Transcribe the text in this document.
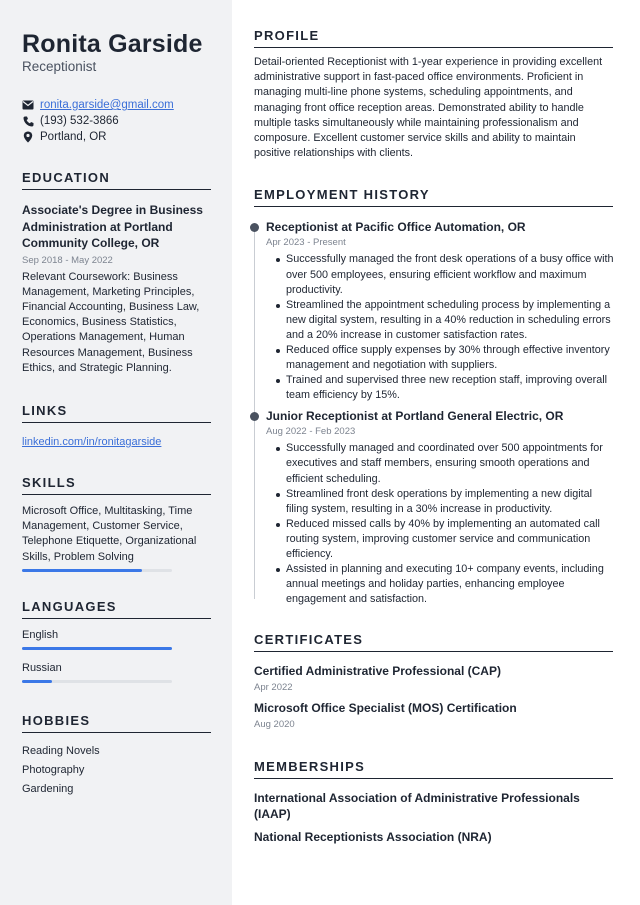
Ronita Garside
Receptionist
ronita.garside@gmail.com
(193) 532-3866
Portland, OR
EDUCATION
Associate's Degree in Business Administration at Portland Community College, OR
Sep 2018 - May 2022
Relevant Coursework: Business Management, Marketing Principles, Financial Accounting, Business Law, Economics, Business Statistics, Operations Management, Human Resources Management, Business Ethics, and Strategic Planning.
LINKS
linkedin.com/in/ronitagarside
SKILLS
Microsoft Office, Multitasking, Time Management, Customer Service, Telephone Etiquette, Organizational Skills, Problem Solving
LANGUAGES
English
Russian
HOBBIES
Reading Novels
Photography
Gardening
PROFILE
Detail-oriented Receptionist with 1-year experience in providing excellent administrative support in fast-paced office environments. Proficient in managing multi-line phone systems, scheduling appointments, and managing front office reception areas. Demonstrated ability to handle multiple tasks simultaneously while maintaining professionalism and composure. Excellent customer service skills and ability to maintain positive relationships with clients.
EMPLOYMENT HISTORY
Receptionist at Pacific Office Automation, OR
Apr 2023 - Present
Successfully managed the front desk operations of a busy office with over 500 employees, ensuring efficient workflow and maximum productivity.
Streamlined the appointment scheduling process by implementing a new digital system, resulting in a 40% reduction in scheduling errors and a 20% increase in customer satisfaction rates.
Reduced office supply expenses by 30% through effective inventory management and negotiation with suppliers.
Trained and supervised three new reception staff, improving overall team efficiency by 15%.
Junior Receptionist at Portland General Electric, OR
Aug 2022 - Feb 2023
Successfully managed and coordinated over 500 appointments for executives and staff members, ensuring smooth operations and efficient scheduling.
Streamlined front desk operations by implementing a new digital filing system, resulting in a 30% increase in productivity.
Reduced missed calls by 40% by implementing an automated call routing system, improving customer service and communication efficiency.
Assisted in planning and executing 10+ company events, including annual meetings and holiday parties, enhancing employee engagement and satisfaction.
CERTIFICATES
Certified Administrative Professional (CAP)
Apr 2022
Microsoft Office Specialist (MOS) Certification
Aug 2020
MEMBERSHIPS
International Association of Administrative Professionals (IAAP)
National Receptionists Association (NRA)
